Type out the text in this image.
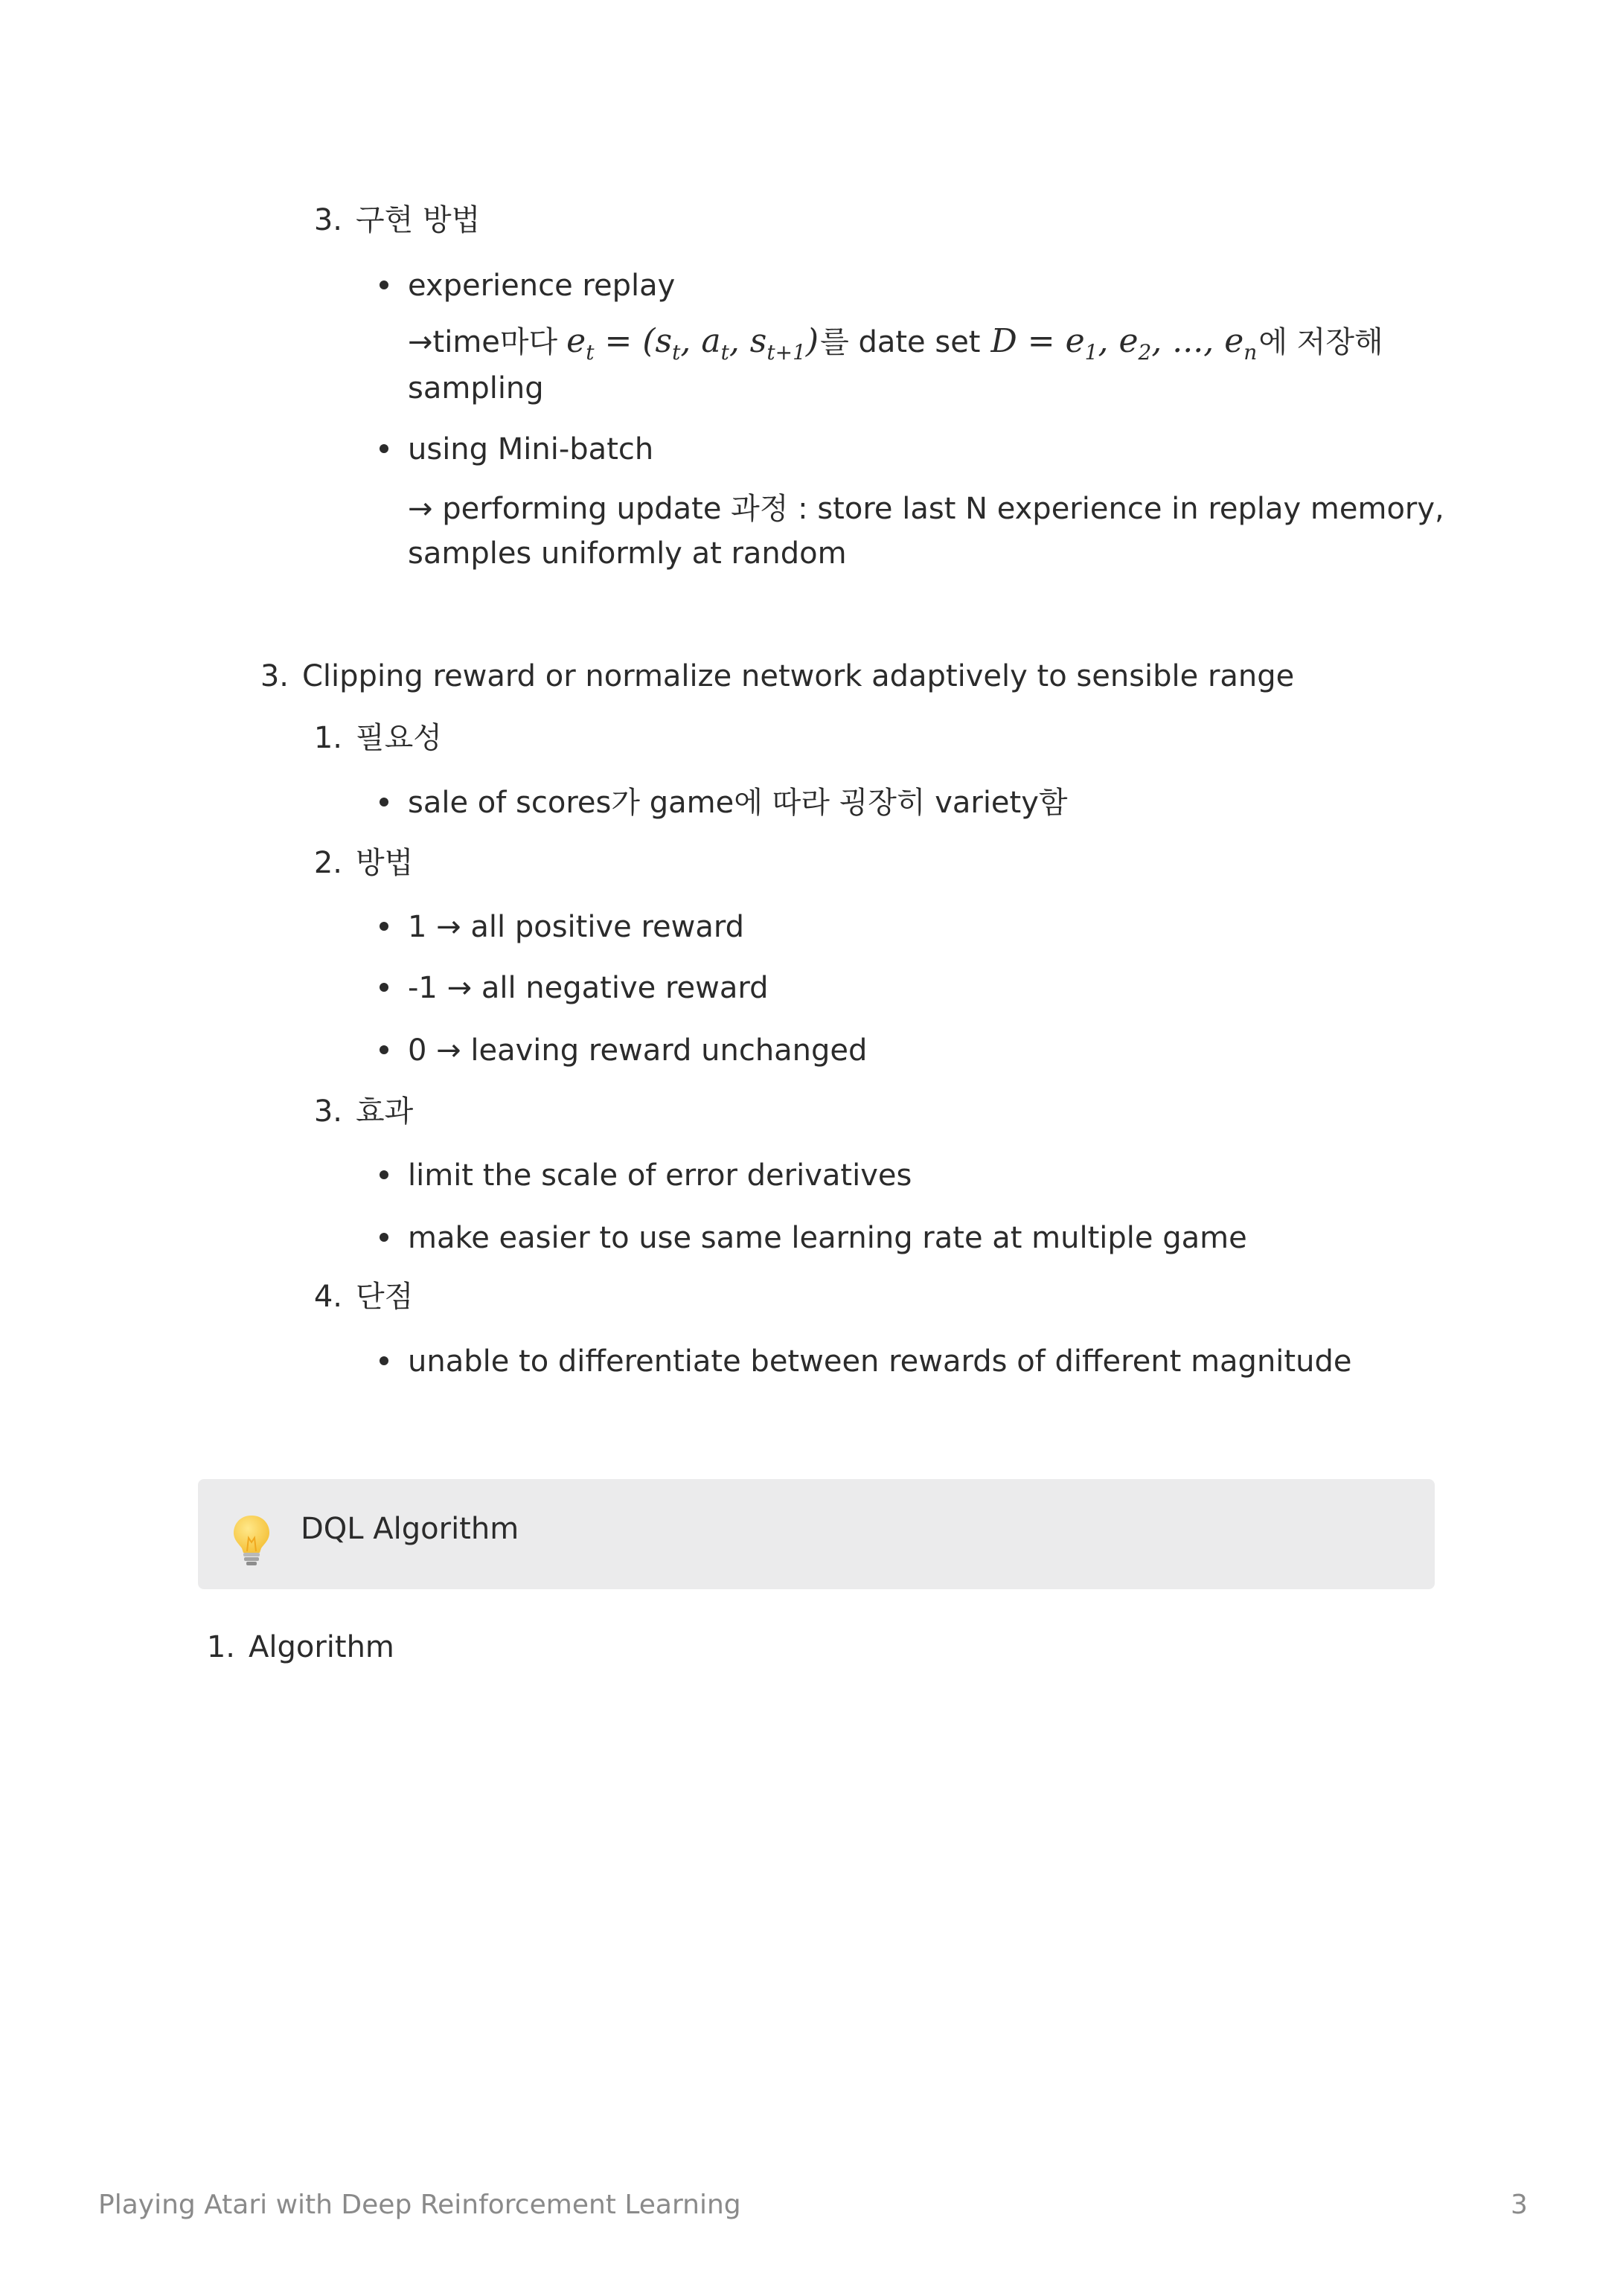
3. 구현 방법
experience replay
→time마다 $e_t = (s_t$, $a_t$, $s_{t+1}$) 를 date set $D = e_1$, $e_2$, ..., $e_n$ 에 저장해
sampling
using Mini-batch
→ performing update 과정 : store last N experience in replay memory,
samples uniformly at random
3. Clipping reward or normalize network adaptively to sensible range
1. 필요성
sale of scores가 game에 따라 굉장히 variety함
2. 방법
1 → all positive reward
-1 → all negative reward
0 → leaving reward unchanged
3. 효과
limit the scale of error derivatives
make easier to use same learning rate at multiple game
4. 단점
unable to differentiate between rewards of different magnitude
DQL Algorithm
1. Algorithm
Playing Atari with Deep Reinforcement Learning	3
